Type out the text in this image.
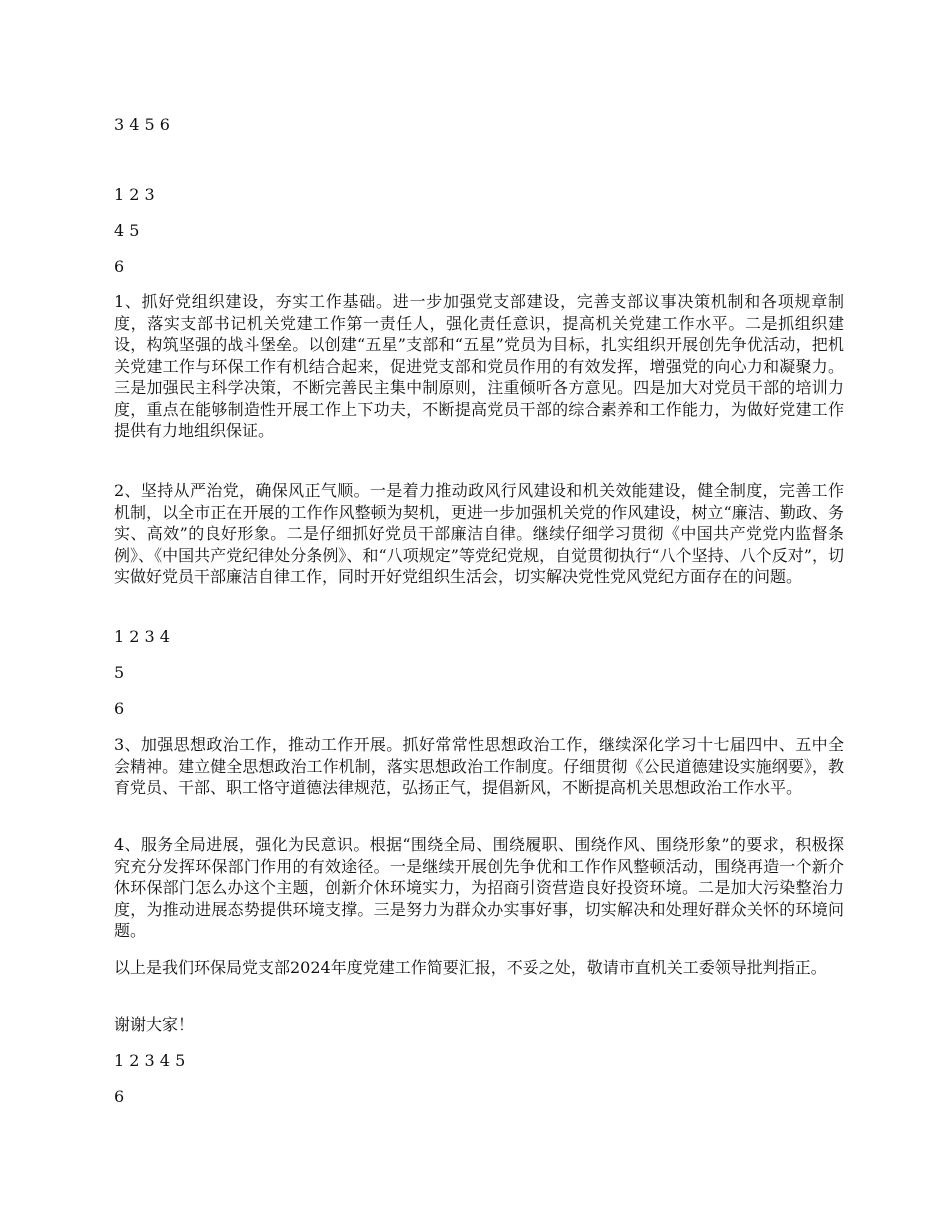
3 4 5 6
1 2 3
4 5
6
1、抓好党组织建设，夯实工作基础。进一步加强党支部建设，完善支部议事决策机制和各项规章制度，落实支部书记机关党建工作第一责任人，强化责任意识，提高机关党建工作水平。二是抓组织建设，构筑坚强的战斗堡垒。以创建“五星”支部和“五星”党员为目标，扎实组织开展创先争优活动，把机关党建工作与环保工作有机结合起来，促进党支部和党员作用的有效发挥，增强党的向心力和凝聚力。三是加强民主科学决策，不断完善民主集中制原则，注重倾听各方意见。四是加大对党员干部的培训力度，重点在能够制造性开展工作上下功夫，不断提高党员干部的综合素养和工作能力，为做好党建工作提供有力地组织保证。
2、坚持从严治党，确保风正气顺。一是着力推动政风行风建设和机关效能建设，健全制度，完善工作机制，以全市正在开展的工作作风整顿为契机，更进一步加强机关党的作风建设，树立“廉洁、勤政、务实、高效”的良好形象。二是仔细抓好党员干部廉洁自律。继续仔细学习贯彻《中国共产党党内监督条例》、《中国共产党纪律处分条例》、和“八项规定”等党纪党规，自觉贯彻执行“八个坚持、八个反对”，切实做好党员干部廉洁自律工作，同时开好党组织生活会，切实解决党性党风党纪方面存在的问题。
1 2 3 4
5
6
3、加强思想政治工作，推动工作开展。抓好常常性思想政治工作，继续深化学习十七届四中、五中全会精神。建立健全思想政治工作机制，落实思想政治工作制度。仔细贯彻《公民道德建设实施纲要》，教育党员、干部、职工恪守道德法律规范，弘扬正气，提倡新风，不断提高机关思想政治工作水平。
4、服务全局进展，强化为民意识。根据“围绕全局、围绕履职、围绕作风、围绕形象”的要求，积极探究充分发挥环保部门作用的有效途径。一是继续开展创先争优和工作作风整顿活动，围绕再造一个新介休环保部门怎么办这个主题，创新介休环境实力，为招商引资营造良好投资环境。二是加大污染整治力度，为推动进展态势提供环境支撑。三是努力为群众办实事好事，切实解决和处理好群众关怀的环境问题。
以上是我们环保局党支部2024年度党建工作简要汇报，不妥之处，敬请市直机关工委领导批判指正。
谢谢大家！
1 2 3 4 5
6
